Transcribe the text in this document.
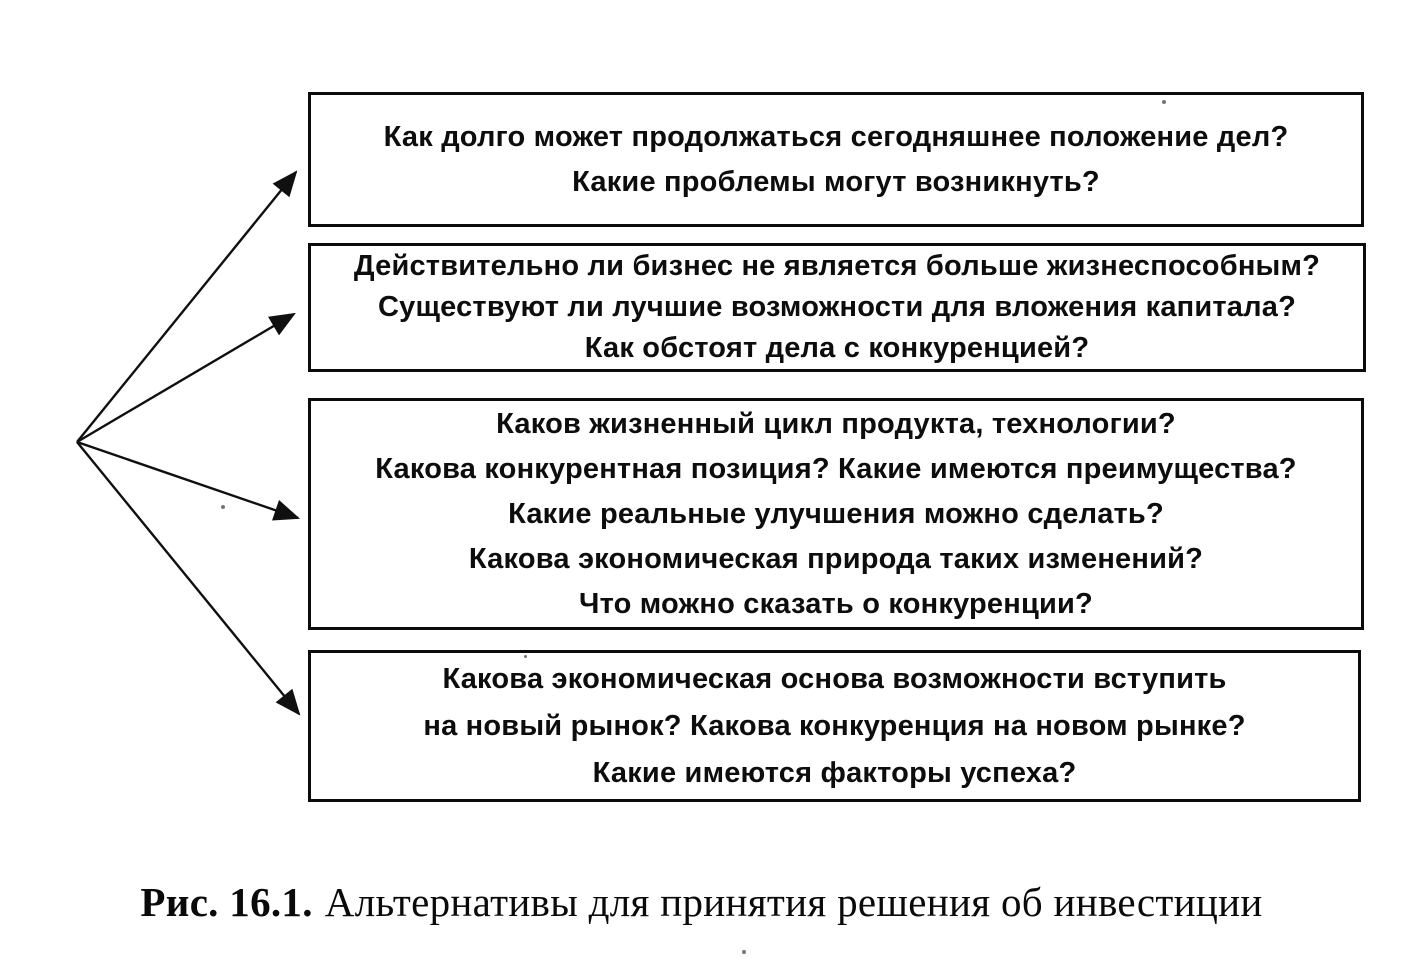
Как долго может продолжаться сегодняшнее положение дел?
Какие проблемы могут возникнуть?
Действительно ли бизнес не является больше жизнеспособным?
Существуют ли лучшие возможности для вложения капитала?
Как обстоят дела с конкуренцией?
Каков жизненный цикл продукта, технологии?
Какова конкурентная позиция? Какие имеются преимущества?
Какие реальные улучшения можно сделать?
Какова экономическая природа таких изменений?
Что можно сказать о конкуренции?
Какова экономическая основа возможности вступить
на новый рынок? Какова конкуренция на новом рынке?
Какие имеются факторы успеха?
Рис. 16.1. Альтернативы для принятия решения об инвестиции
